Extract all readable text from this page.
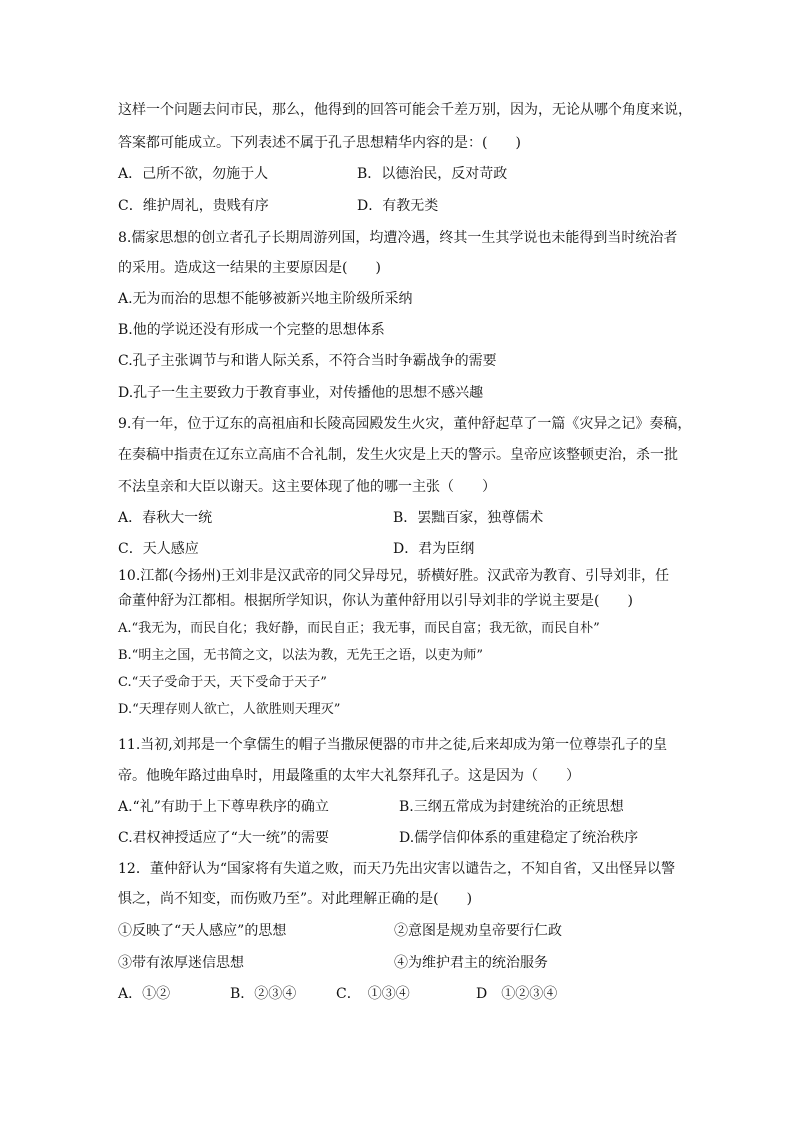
这样一个问题去问市民，那么，他得到的回答可能会千差万别，因为，无论从哪个角度来说，
答案都可能成立。下列表述不属于孔子思想精华内容的是：(　　)
A．己所不欲，勿施于人	B．以德治民，反对苛政
C．维护周礼，贵贱有序	D．有教无类
8.儒家思想的创立者孔子长期周游列国，均遭冷遇，终其一生其学说也未能得到当时统治者
的采用。造成这一结果的主要原因是(　　)
A.无为而治的思想不能够被新兴地主阶级所采纳
B.他的学说还没有形成一个完整的思想体系
C.孔子主张调节与和谐人际关系，不符合当时争霸战争的需要
D.孔子一生主要致力于教育事业，对传播他的思想不感兴趣
9.有一年，位于辽东的高祖庙和长陵高园殿发生火灾，董仲舒起草了一篇《灾异之记》奏稿，
在奏稿中指责在辽东立高庙不合礼制，发生火灾是上天的警示。皇帝应该整顿吏治，杀一批
不法皇亲和大臣以谢天。这主要体现了他的哪一主张（　　）
A．春秋大一统	B．罢黜百家，独尊儒术
C．天人感应	D．君为臣纲
10.江都(今扬州)王刘非是汉武帝的同父异母兄，骄横好胜。汉武帝为教育、引导刘非，任
命董仲舒为江都相。根据所学知识，你认为董仲舒用以引导刘非的学说主要是(　　)
A.“我无为，而民自化；我好静，而民自正；我无事，而民自富；我无欲，而民自朴”
B.“明主之国，无书简之文，以法为教，无先王之语，以吏为师”
C.“天子受命于天，天下受命于天子”
D.“天理存则人欲亡，人欲胜则天理灭”
11.当初,刘邦是一个拿儒生的帽子当撒尿便器的市井之徒,后来却成为第一位尊崇孔子的皇
帝。他晚年路过曲阜时，用最隆重的太牢大礼祭拜孔子。这是因为（　　）
A.“礼”有助于上下尊卑秩序的确立	B.三纲五常成为封建统治的正统思想
C.君权神授适应了“大一统”的需要	D.儒学信仰体系的重建稳定了统治秩序
12．董仲舒认为“国家将有失道之败，而天乃先出灾害以谴告之，不知自省，又出怪异以警
惧之，尚不知变，而伤败乃至”。对此理解正确的是(　　)
①反映了“天人感应”的思想	②意图是规劝皇帝要行仁政
③带有浓厚迷信思想	④为维护君主的统治服务
A．①②	B．②③④	C．　①③④	D　①②③④
